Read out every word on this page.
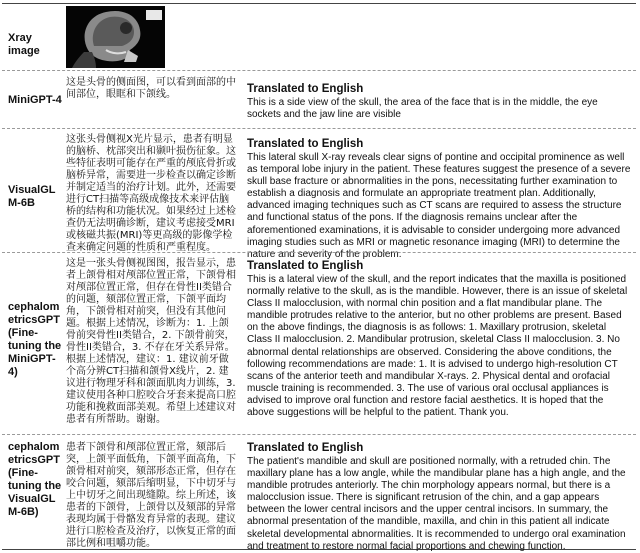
Xray image
MiniGPT-4
这是头骨的侧面图，可以看到面部的中间部位，眼眶和下颌线。	Translated to English
This is a side view of the skull, the area of the face that is in the middle, the eye sockets and the jaw line are visible
VisualGL M-6B
这张头骨侧视X光片显示，患者有明显的脑桥、枕部突出和颞叶损伤征象。这些特征表明可能存在严重的颅底骨折或脑桥异常，需要进一步检查以确定诊断并制定适当的治疗计划。此外，还需要进行CT扫描等高级成像技术来评估脑桥的结构和功能状况。如果经过上述检查仍无法明确诊断，建议考虑接受MRI或核磁共振(MRI)等更高级的影像学检查来确定问题的性质和严重程度。
Translated to English
This lateral skull X-ray reveals clear signs of pontine and occipital prominence as well as temporal lobe injury in the patient. These features suggest the presence of a severe skull base fracture or abnormalities in the pons, necessitating further examination to establish a diagnosis and formulate an appropriate treatment plan. Additionally, advanced imaging techniques such as CT scans are required to assess the structure and functional status of the pons. If the diagnosis remains unclear after the aforementioned examinations, it is advisable to consider undergoing more advanced imaging studies such as MRI or magnetic resonance imaging (MRI) to determine the nature and severity of the problem.
cephalom etricsGPT (Fine-tuning the MiniGPT-4)
这是一张头骨侧视图图，报告显示，患者上颌骨相对颅部位置正常，下颌骨相对颅部位置正常，但存在骨性II类错合的问题，颏部位置正常，下颌平面均角，下颌骨相对前突，但没有其他问题。根据上述情况，诊断为：1. 上颌骨前突骨性II类错合，2. 下颌骨前突，骨性II类错合，3. 不存在牙关系异常。根据上述情况，建议：1. 建议前牙做个高分辨CT扫描和颌骨X线片，2. 建议进行物理牙科和颌面肌肉力训练，3. 建议使用各种口腔咬合牙套来提高口腔功能和挽救面部美观。希望上述建议对患者有所帮助。谢谢。
Translated to English
This is a lateral view of the skull, and the report indicates that the maxilla is positioned normally relative to the skull, as is the mandible. However, there is an issue of skeletal Class II malocclusion, with normal chin position and a flat mandibular plane. The mandible protrudes relative to the anterior, but no other problems are present. Based on the above findings, the diagnosis is as follows: 1. Maxillary protrusion, skeletal Class II malocclusion. 2. Mandibular protrusion, skeletal Class II malocclusion. 3. No abnormal dental relationships are observed. Considering the above conditions, the following recommendations are made: 1. It is advised to undergo high-resolution CT scans of the anterior teeth and mandibular X-rays. 2. Physical dental and orofacial muscle training is recommended. 3. The use of various oral occlusal appliances is advised to improve oral function and restore facial aesthetics. It is hoped that the above suggestions will be helpful to the patient. Thank you.
cephalom etricsGPT (Fine-tuning the VisualGL M-6B)
患者下颌骨和颅部位置正常，颏部后突，上颌平面低角，下颌平面高角，下颌骨相对前突，颏部形态正常，但存在咬合问题，颏部后缩明显，下中切牙与上中切牙之间出现缝隙。综上所述，该患者的下颌骨，上颌骨以及颏部的异常表现均属于骨骼发育异常的表现。建议进行口腔检查及治疗，以恢复正常的面部比例和咀嚼功能。
Translated to English
The patient's mandible and skull are positioned normally, with a retruded chin. The maxillary plane has a low angle, while the mandibular plane has a high angle, and the mandible protrudes anteriorly. The chin morphology appears normal, but there is a malocclusion issue. There is significant retrusion of the chin, and a gap appears between the lower central incisors and the upper central incisors. In summary, the abnormal presentation of the mandible, maxilla, and chin in this patient all indicate skeletal developmental abnormalities. It is recommended to undergo oral examination and treatment to restore normal facial proportions and chewing function.
